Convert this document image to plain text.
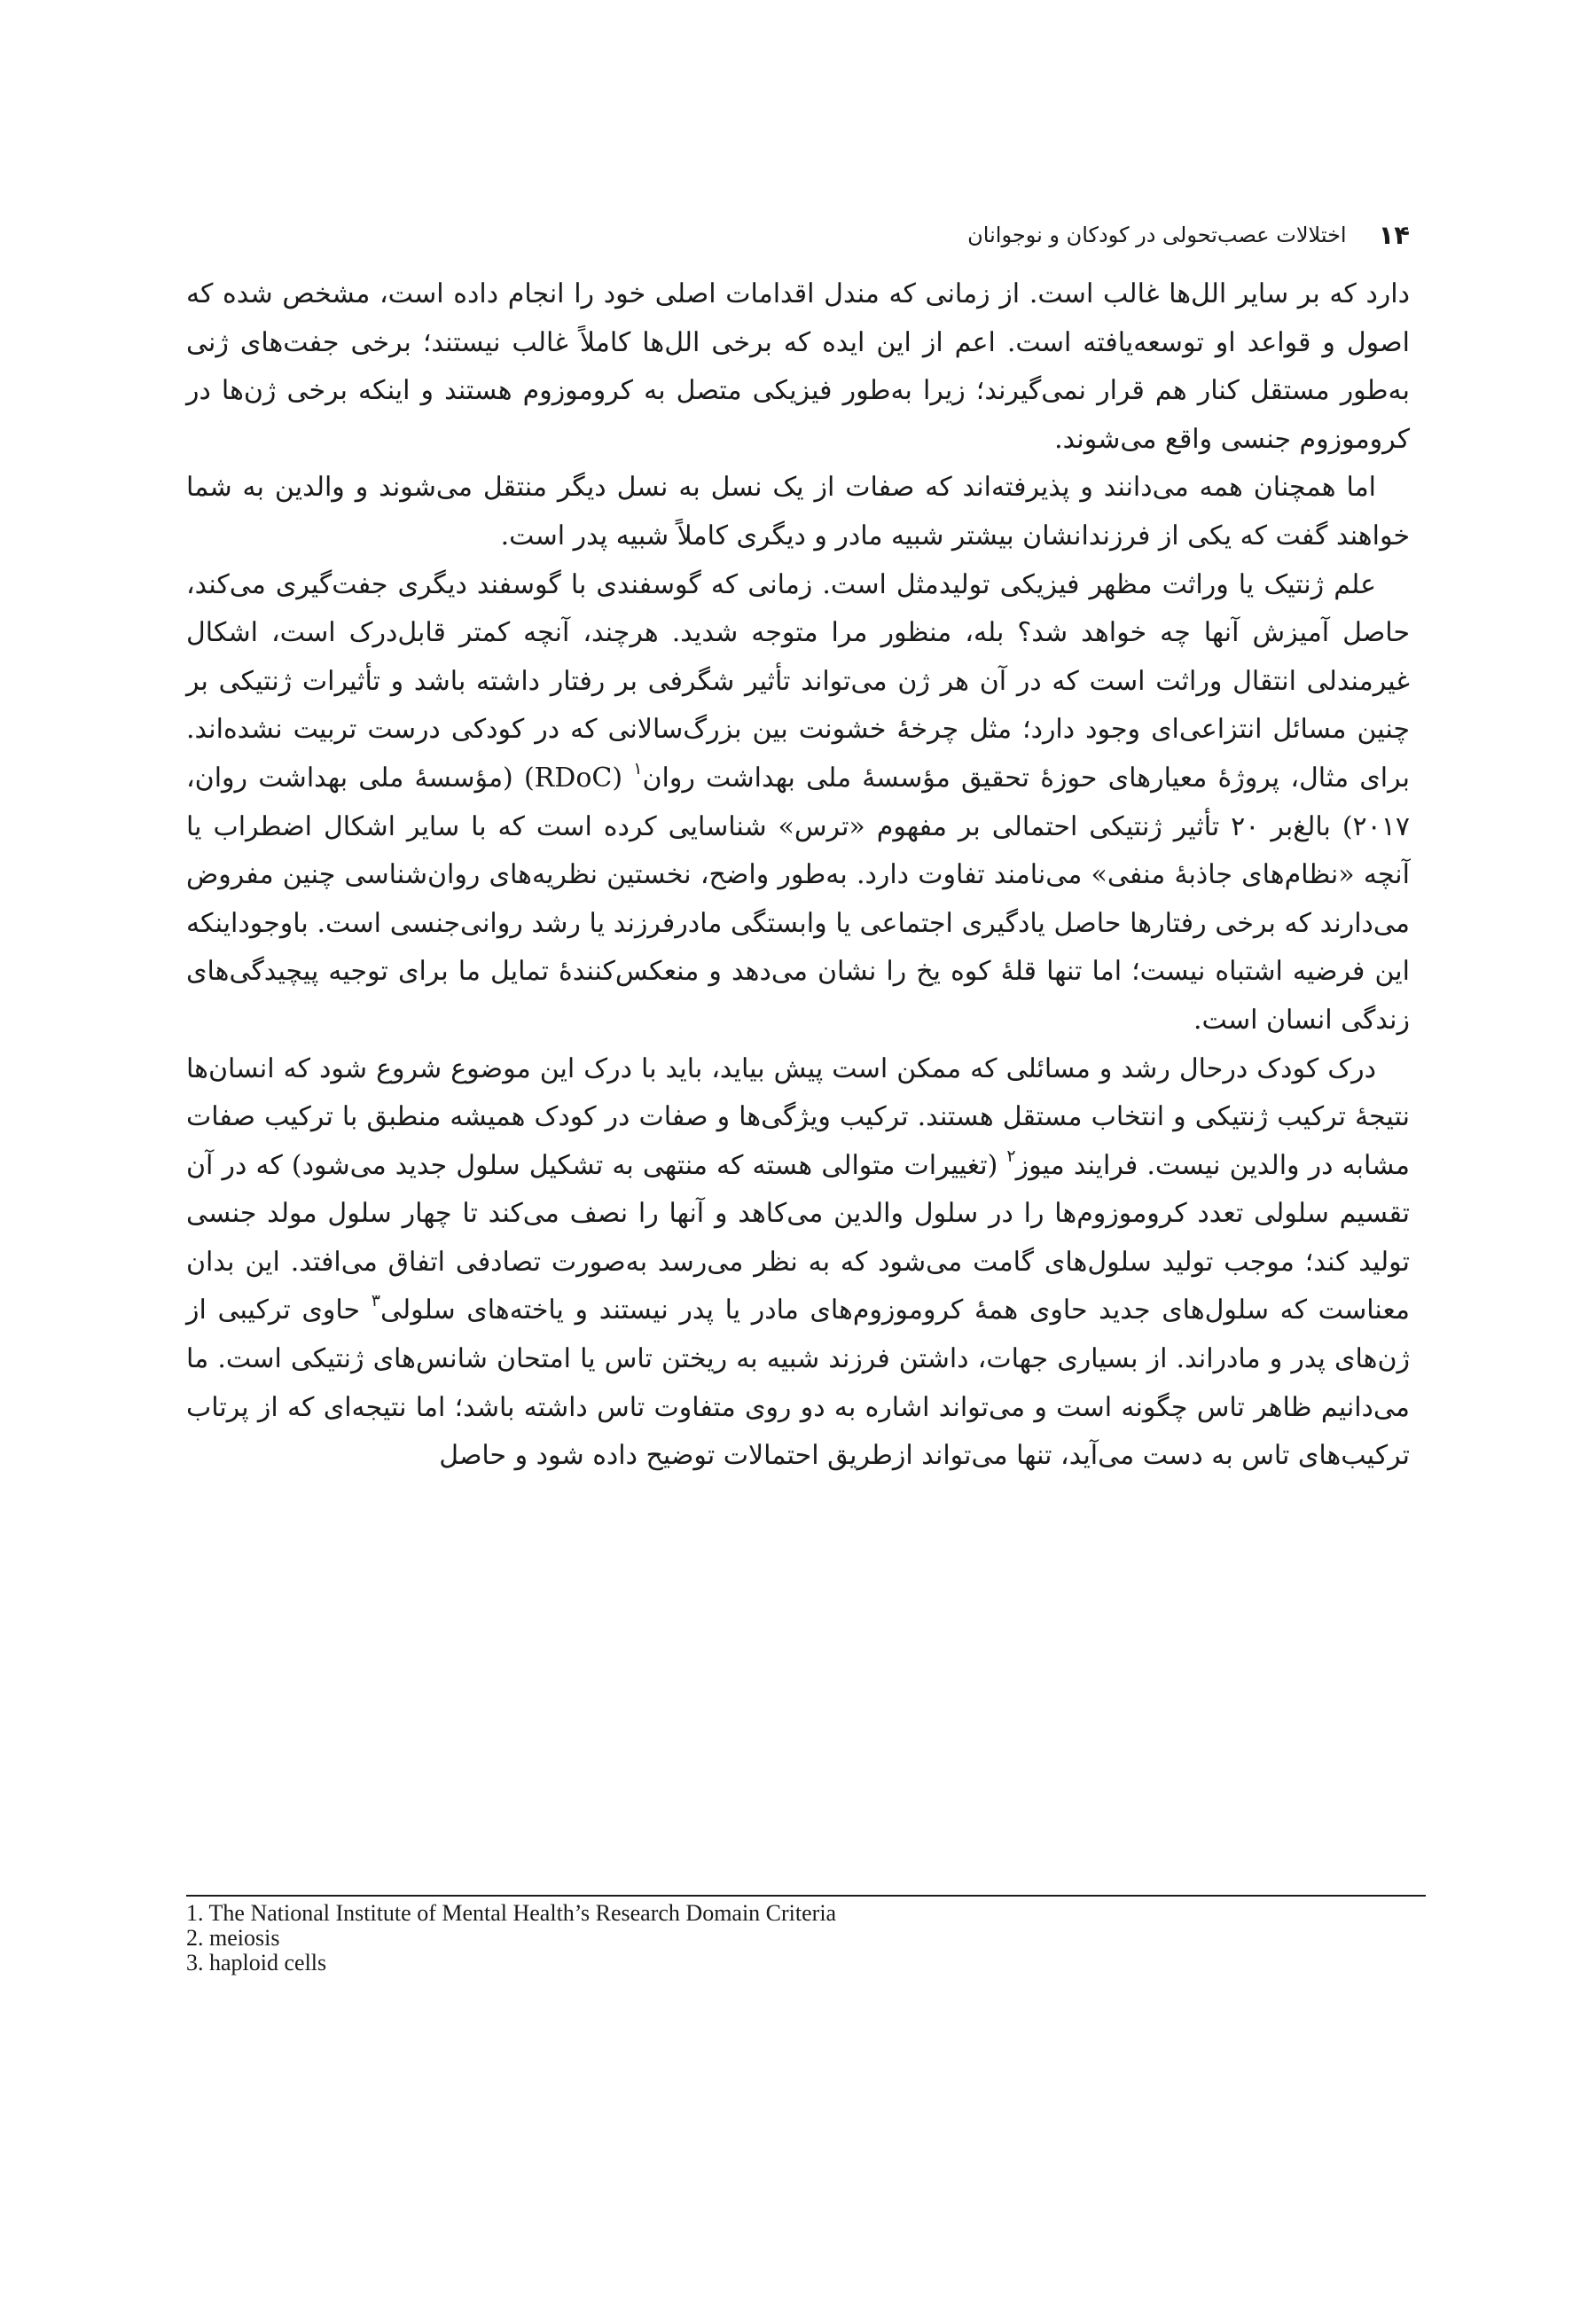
۱۴
اختلالات عصب‌تحولی در کودکان و نوجوانان

دارد که بر سایر الل‌ها غالب است. از زمانی که مندل اقدامات اصلی خود را انجام داده است، مشخص شده که اصول و قواعد او توسعه‌یافته است. اعم از این ایده که برخی الل‌ها کاملاً غالب نیستند؛ برخی جفت‌های ژنی به‌طور مستقل کنار هم قرار نمی‌گیرند؛ زیرا به‌طور فیزیکی متصل به کروموزوم هستند و اینکه برخی ژن‌ها در کروموزوم جنسی واقع می‌شوند.

اما همچنان همه می‌دانند و پذیرفته‌اند که صفات از یک نسل به نسل دیگر منتقل می‌شوند و والدین به شما خواهند گفت که یکی از فرزندانشان بیشتر شبیه مادر و دیگری کاملاً شبیه پدر است.

علم ژنتیک یا وراثت مظهر فیزیکی تولیدمثل است. زمانی که گوسفندی با گوسفند دیگری جفت‌گیری می‌کند، حاصل آمیزش آنها چه خواهد شد؟ بله، منظور مرا متوجه شدید. هرچند، آنچه کمتر قابل‌درک است، اشکال غیرمندلی انتقال وراثت است که در آن هر ژن می‌تواند تأثیر شگرفی بر رفتار داشته باشد و تأثیرات ژنتیکی بر چنین مسائل انتزاعی‌ای وجود دارد؛ مثل چرخهٔ خشونت بین بزرگ‌سالانی که در کودکی درست تربیت نشده‌اند. برای مثال، پروژهٔ معیارهای حوزهٔ تحقیق مؤسسهٔ ملی بهداشت روان$^۱$ (RDoC) (مؤسسهٔ ملی بهداشت روان، ۲۰۱۷) بالغ‌بر ۲۰ تأثیر ژنتیکی احتمالی بر مفهوم «ترس» شناسایی کرده است که با سایر اشکال اضطراب یا آنچه «نظام‌های جاذبهٔ منفی» می‌نامند تفاوت دارد. به‌طور واضح، نخستین نظریه‌های روان‌شناسی چنین مفروض می‌دارند که برخی رفتارها حاصل یادگیری اجتماعی یا وابستگی مادرفرزند یا رشد روانی‌جنسی است. باوجوداینکه این فرضیه اشتباه نیست؛ اما تنها قلهٔ کوه یخ را نشان می‌دهد و منعکس‌کنندهٔ تمایل ما برای توجیه پیچیدگی‌های زندگی انسان است.

درک کودک درحال رشد و مسائلی که ممکن است پیش بیاید، باید با درک این موضوع شروع شود که انسان‌ها نتیجهٔ ترکیب ژنتیکی و انتخاب مستقل هستند. ترکیب ویژگی‌ها و صفات در کودک همیشه منطبق با ترکیب صفات مشابه در والدین نیست. فرایند میوز$^۲$ (تغییرات متوالی هسته که منتهی به تشکیل سلول جدید می‌شود) که در آن تقسیم سلولی تعدد کروموزوم‌ها را در سلول والدین می‌کاهد و آنها را نصف می‌کند تا چهار سلول مولد جنسی تولید کند؛ موجب تولید سلول‌های گامت می‌شود که به نظر می‌رسد به‌صورت تصادفی اتفاق می‌افتد. این بدان معناست که سلول‌های جدید حاوی همهٔ کروموزوم‌های مادر یا پدر نیستند و یاخته‌های سلولی$^۳$ حاوی ترکیبی از ژن‌های پدر و مادراند. از بسیاری جهات، داشتن فرزند شبیه به ریختن تاس یا امتحان شانس‌های ژنتیکی است. ما می‌دانیم ظاهر تاس چگونه است و می‌تواند اشاره به دو روی متفاوت تاس داشته باشد؛ اما نتیجه‌ای که از پرتاب ترکیب‌های تاس به دست می‌آید، تنها می‌تواند ازطریق احتمالات توضیح داده شود و حاصل

1. The National Institute of Mental Health’s Research Domain Criteria
2. meiosis
3. haploid cells
